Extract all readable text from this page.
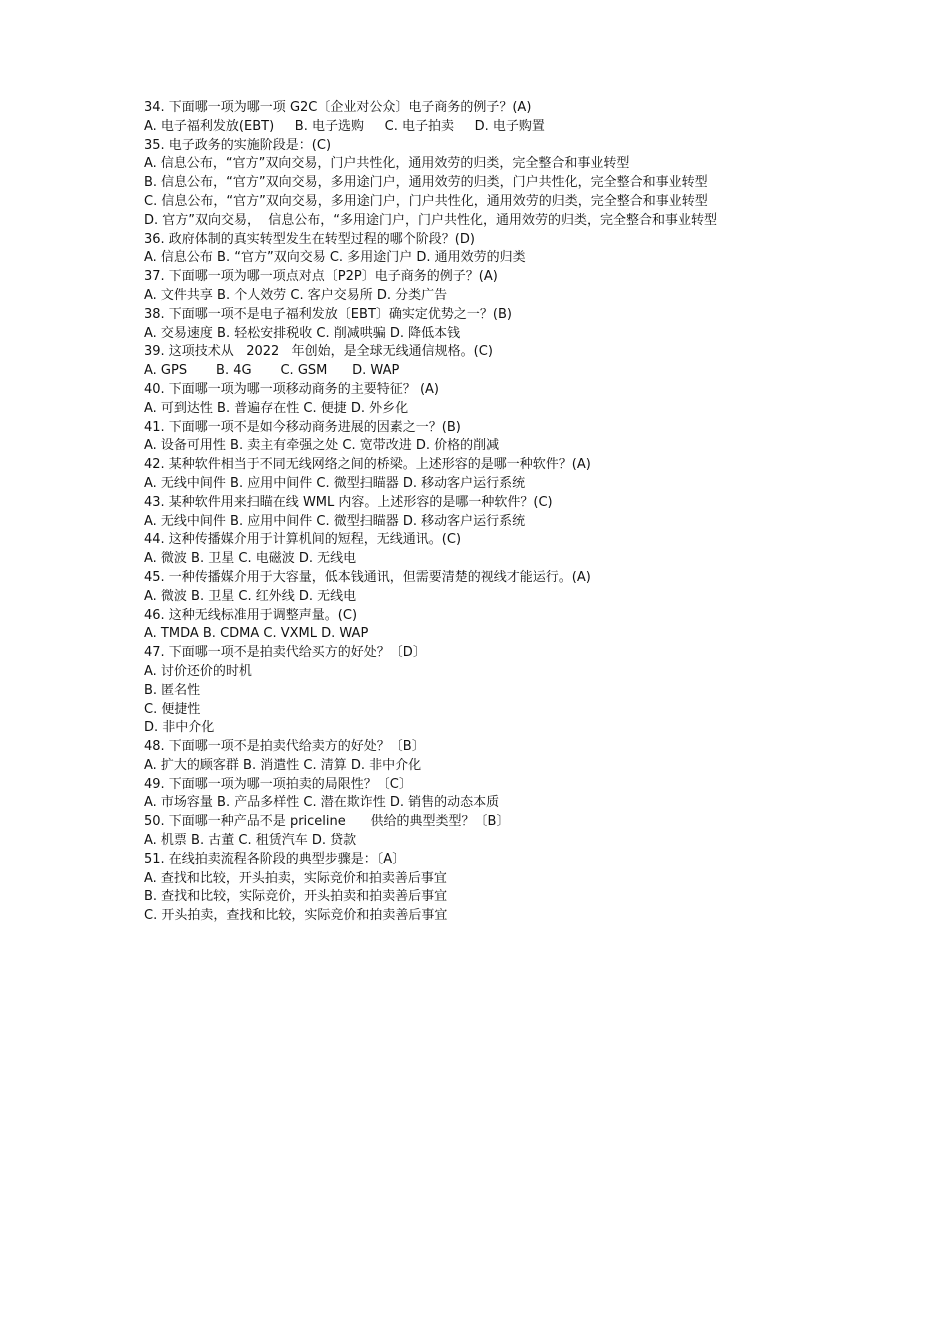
34. 下面哪一项为哪一项 G2C〔企业对公众〕电子商务的例子？(A)
A. 电子福利发放(EBT)     B. 电子选购     C. 电子拍卖     D. 电子购置
35. 电子政务的实施阶段是：(C)
A. 信息公布，“官方”双向交易，门户共性化，通用效劳的归类，完全整合和事业转型
B. 信息公布，“官方”双向交易，多用途门户，通用效劳的归类，门户共性化，完全整合和事业转型
C. 信息公布，“官方”双向交易，多用途门户，门户共性化，通用效劳的归类，完全整合和事业转型
D. 官方”双向交易，  信息公布，“多用途门户，门户共性化，通用效劳的归类，完全整合和事业转型
36. 政府体制的真实转型发生在转型过程的哪个阶段？(D)
A. 信息公布 B. “官方”双向交易 C. 多用途门户 D. 通用效劳的归类
37. 下面哪一项为哪一项点对点〔P2P〕电子商务的例子？(A)
A. 文件共享 B. 个人效劳 C. 客户交易所 D. 分类广告
38. 下面哪一项不是电子福利发放〔EBT〕确实定优势之一？(B)
A. 交易速度 B. 轻松安排税收 C. 削减哄骗 D. 降低本钱
39. 这项技术从   2022   年创始，是全球无线通信规格。(C)
A. GPS       B. 4G       C. GSM      D. WAP
40. 下面哪一项为哪一项移动商务的主要特征？ (A)
A. 可到达性 B. 普遍存在性 C. 便捷 D. 外乡化
41. 下面哪一项不是如今移动商务进展的因素之一？(B)
A. 设备可用性 B. 卖主有牵强之处 C. 宽带改进 D. 价格的削减
42. 某种软件相当于不同无线网络之间的桥梁。上述形容的是哪一种软件？(A)
A. 无线中间件 B. 应用中间件 C. 微型扫瞄器 D. 移动客户运行系统
43. 某种软件用来扫瞄在线 WML 内容。上述形容的是哪一种软件？(C)
A. 无线中间件 B. 应用中间件 C. 微型扫瞄器 D. 移动客户运行系统
44. 这种传播媒介用于计算机间的短程，无线通讯。(C)
A. 微波 B. 卫星 C. 电磁波 D. 无线电
45. 一种传播媒介用于大容量，低本钱通讯，但需要清楚的视线才能运行。(A)
A. 微波 B. 卫星 C. 红外线 D. 无线电
46. 这种无线标准用于调整声量。(C)
A. TMDA B. CDMA C. VXML D. WAP
47. 下面哪一项不是拍卖代给买方的好处？〔D〕
A. 讨价还价的时机
B. 匿名性
C. 便捷性
D. 非中介化
48. 下面哪一项不是拍卖代给卖方的好处？〔B〕
A. 扩大的顾客群 B. 消遣性 C. 清算 D. 非中介化
49. 下面哪一项为哪一项拍卖的局限性？〔C〕
A. 市场容量 B. 产品多样性 C. 潜在欺诈性 D. 销售的动态本质
50. 下面哪一种产品不是 priceline      供给的典型类型？〔B〕
A. 机票 B. 古董 C. 租赁汽车 D. 贷款
51. 在线拍卖流程各阶段的典型步骤是：〔A〕
A. 查找和比较，开头拍卖，实际竞价和拍卖善后事宜
B. 查找和比较，实际竞价，开头拍卖和拍卖善后事宜
C. 开头拍卖，查找和比较，实际竞价和拍卖善后事宜
